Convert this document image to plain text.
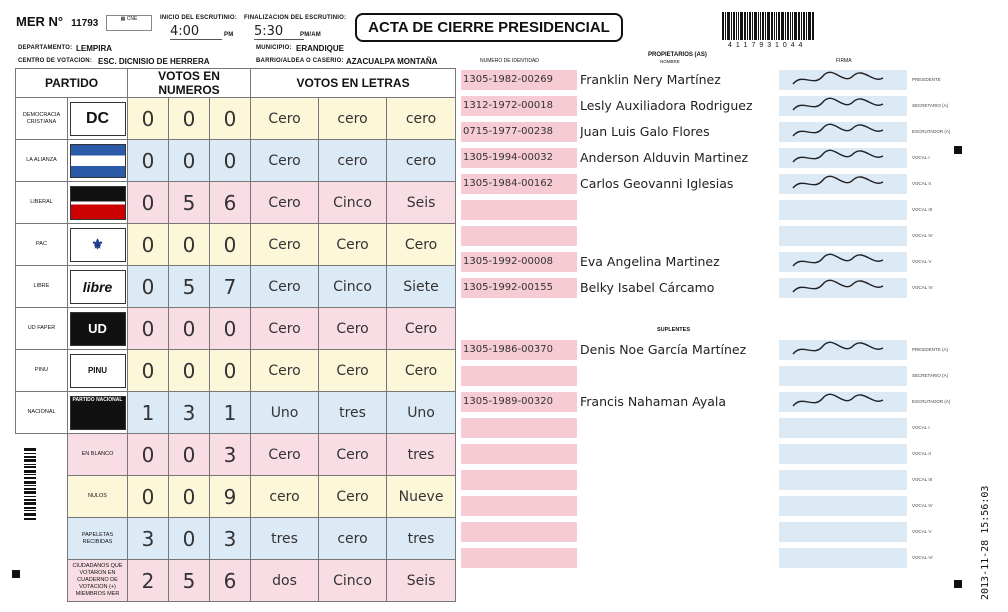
MER N° 11793	▦ CNE	INICIO DEL ESCRUTINIO:
4:00	PM
FINALIZACION DEL ESCRUTINIO:
5:30	PM/AM	ACTA DE CIERRE PRESIDENCIAL
4 1 1 7 9 3 1 0 4 4
DEPARTAMENTO: LEMPIRA	MUNICIPIO: ERANDIQUE
CENTRO DE VOTACION: ESC. DICNISIO DE HERRERA	BARRIO/ALDEA O CASERIO: AZACUALPA MONTAÑA	NUMERO DE IDENTIDAD
PROPIETARIOS (AS)
NOMBRE	FIRMA
PARTIDO		VOTOS EN NUMEROS			VOTOS EN LETRAS		
DEMOCRACIA CRISTIANA	DC	0	0	0	Cero	cero	cero
LA ALIANZA		0	0	0	Cero	cero	cero
LIBERAL		0	5	6	Cero	Cinco	Seis
PAC	⚜	0	0	0	Cero	Cero	Cero
LIBRE	libre	0	5	7	Cero	Cinco	Siete
UD FAPER	UD	0	0	0	Cero	Cero	Cero
PINU	PINU	0	0	0	Cero	Cero	Cero
NACIONAL	PARTIDO NACIONAL	1	3	1	Uno	tres	Uno
	EN BLANCO	0	0	3	Cero	Cero	tres
	NULOS	0	0	9	cero	Cero	Nueve
	PAPELETAS RECIBIDAS	3	0	3	tres	cero	tres
	CIUDADANOS QUE VOTARON EN CUADERNO DE VOTACION (+) MIEMBROS MER	2	5	6	dos	Cinco	Seis
1305-1982-00269	Franklin Nery Martínez	PRESIDENTE
1312-1972-00018	Lesly Auxiliadora Rodriguez	SECRETARIO (A)
0715-1977-00238	Juan Luis Galo Flores	ESCRUTADOR (A)
1305-1994-00032	Anderson Alduvin Martinez	VOCAL I
1305-1984-00162	Carlos Geovanni Iglesias	VOCAL II
VOCAL III
VOCAL IV
1305-1992-00008	Eva Angelina Martinez	VOCAL V
1305-1992-00155	Belky Isabel Cárcamo	VOCAL VI
1305-1986-00370	Denis Noe García Martínez	PRESIDENTE (A)
SECRETARIO (A)
1305-1989-00320	Francis Nahaman Ayala	ESCRUTADOR (A)
VOCAL I
VOCAL II
VOCAL III
VOCAL IV
VOCAL V
VOCAL VI
SUPLENTES
2013-11-28 15:56:03
